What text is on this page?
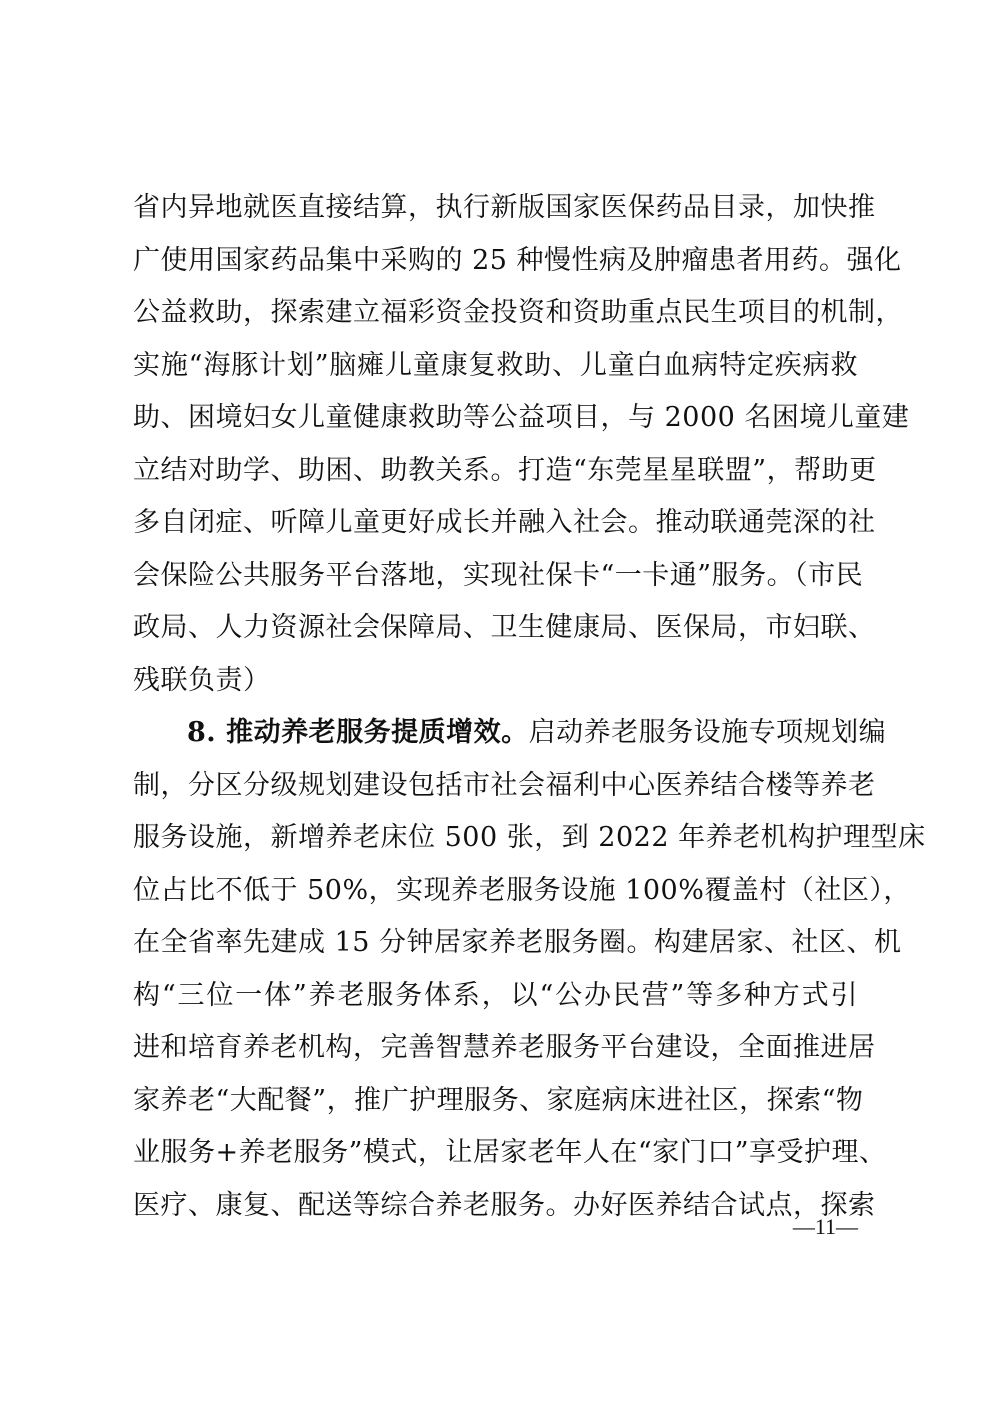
省内异地就医直接结算，执行新版国家医保药品目录，加快推
广使用国家药品集中采购的 25 种慢性病及肿瘤患者用药。强化
公益救助，探索建立福彩资金投资和资助重点民生项目的机制，
实施“海豚计划”脑瘫儿童康复救助、儿童白血病特定疾病救
助、困境妇女儿童健康救助等公益项目，与 2000 名困境儿童建
立结对助学、助困、助教关系。打造“东莞星星联盟”，帮助更
多自闭症、听障儿童更好成长并融入社会。推动联通莞深的社
会保险公共服务平台落地，实现社保卡“一卡通”服务。（市民
政局、人力资源社会保障局、卫生健康局、医保局，市妇联、
残联负责）
8. 推动养老服务提质增效。启动养老服务设施专项规划编
制，分区分级规划建设包括市社会福利中心医养结合楼等养老
服务设施，新增养老床位 500 张，到 2022 年养老机构护理型床
位占比不低于 50%，实现养老服务设施 100%覆盖村（社区），
在全省率先建成 15 分钟居家养老服务圈。构建居家、社区、机
构“三位一体”养老服务体系，以“公办民营”等多种方式引
进和培育养老机构，完善智慧养老服务平台建设，全面推进居
家养老“大配餐”，推广护理服务、家庭病床进社区，探索“物
业服务+养老服务”模式，让居家老年人在“家门口”享受护理、
医疗、康复、配送等综合养老服务。办好医养结合试点，探索
—11—
